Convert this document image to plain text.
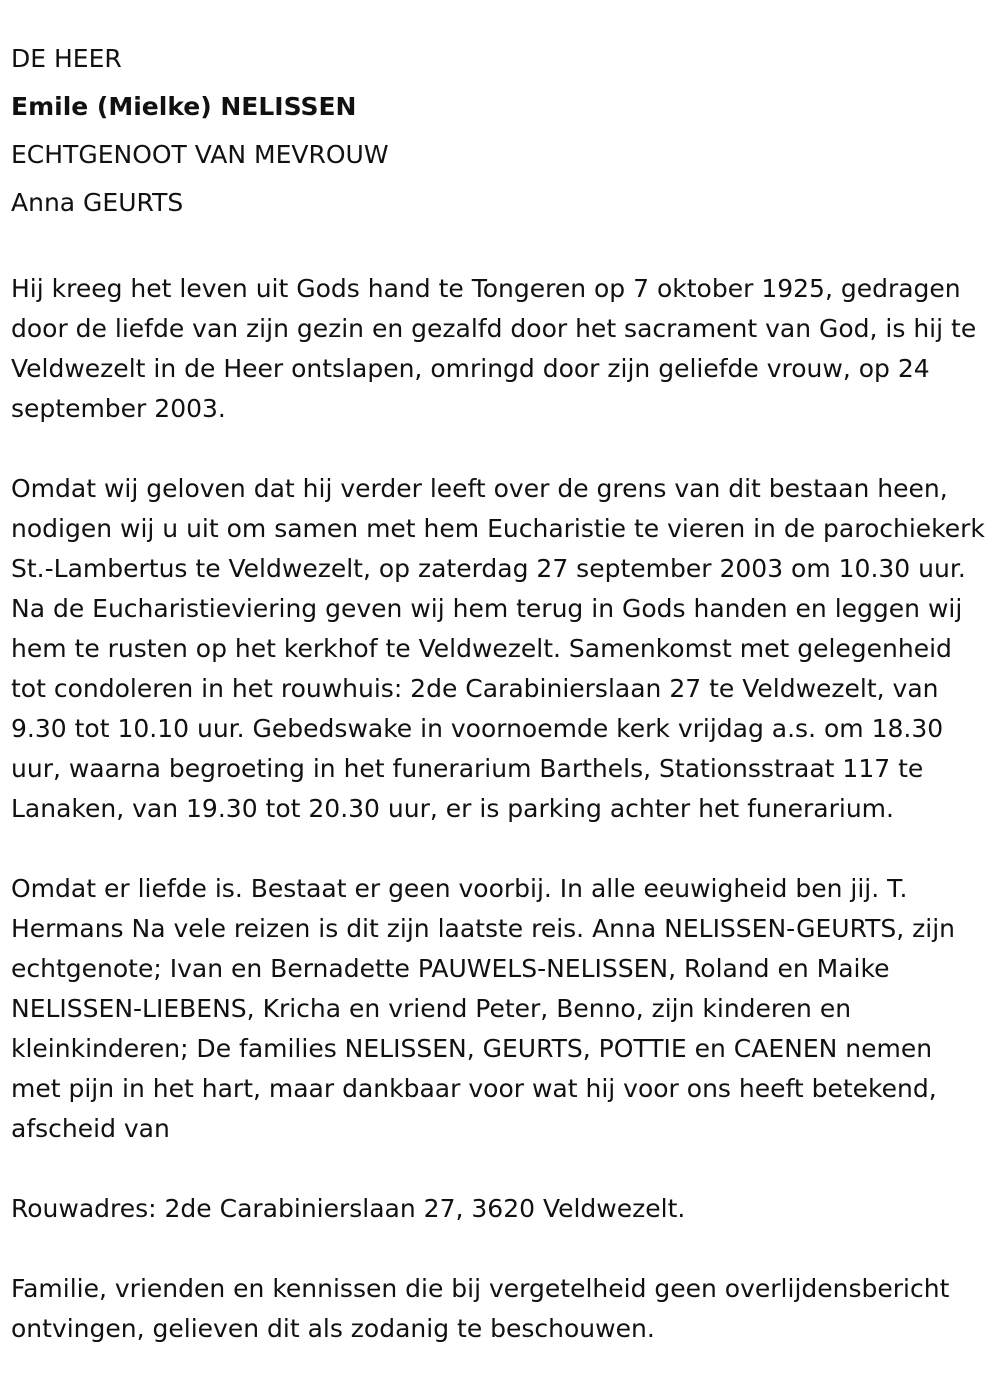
DE HEER

Emile (Mielke) NELISSEN

ECHTGENOOT VAN MEVROUW

Anna GEURTS

Hij kreeg het leven uit Gods hand te Tongeren op 7 oktober 1925, gedragen door de liefde van zijn gezin en gezalfd door het sacrament van God, is hij te Veldwezelt in de Heer ontslapen, omringd door zijn geliefde vrouw, op 24 september 2003.

Omdat wij geloven dat hij verder leeft over de grens van dit bestaan heen, nodigen wij u uit om samen met hem Eucharistie te vieren in de parochiekerk St.-Lambertus te Veldwezelt, op zaterdag 27 september 2003 om 10.30 uur. Na de Eucharistieviering geven wij hem terug in Gods handen en leggen wij hem te rusten op het kerkhof te Veldwezelt. Samenkomst met gelegenheid tot condoleren in het rouwhuis: 2de Carabinierslaan 27 te Veldwezelt, van 9.30 tot 10.10 uur. Gebedswake in voornoemde kerk vrijdag a.s. om 18.30 uur, waarna begroeting in het funerarium Barthels, Stationsstraat 117 te Lanaken, van 19.30 tot 20.30 uur, er is parking achter het funerarium.

Omdat er liefde is. Bestaat er geen voorbij. In alle eeuwigheid ben jij. T. Hermans Na vele reizen is dit zijn laatste reis. Anna NELISSEN-GEURTS, zijn echtgenote; Ivan en Bernadette PAUWELS-NELISSEN, Roland en Maike NELISSEN-LIEBENS, Kricha en vriend Peter, Benno, zijn kinderen en kleinkinderen; De families NELISSEN, GEURTS, POTTIE en CAENEN nemen met pijn in het hart, maar dankbaar voor wat hij voor ons heeft betekend, afscheid van

Rouwadres: 2de Carabinierslaan 27, 3620 Veldwezelt.

Familie, vrienden en kennissen die bij vergetelheid geen overlijdensbericht ontvingen, gelieven dit als zodanig te beschouwen.
